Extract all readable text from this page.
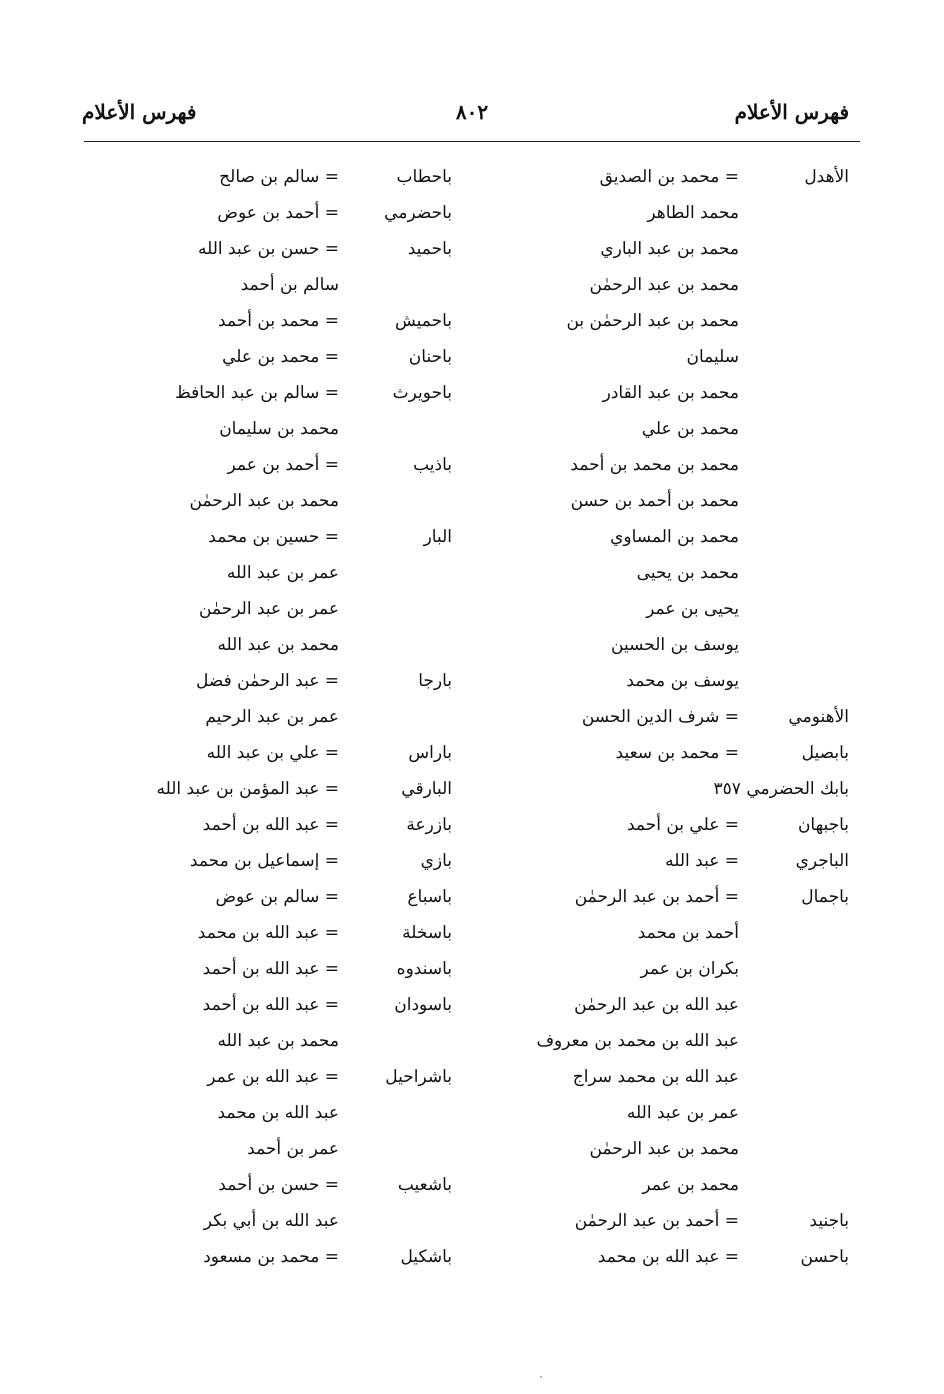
فهرس الأعلام
٨٠٢
فهرس الأعلام
الأهدل
= محمد بن الصديق
باحطاب
= سالم بن صالح
محمد الطاهر
باحضرمي
= أحمد بن عوض
محمد بن عبد الباري
باحميد
= حسن بن عبد الله
محمد بن عبد الرحمٰن
سالم بن أحمد
محمد بن عبد الرحمٰن بن
باحميش
= محمد بن أحمد
سليمان
باحنان
= محمد بن علي
محمد بن عبد القادر
باحويرث
= سالم بن عبد الحافظ
محمد بن علي
محمد بن سليمان
محمد بن محمد بن أحمد
باذيب
= أحمد بن عمر
محمد بن أحمد بن حسن
محمد بن عبد الرحمٰن
محمد بن المساوي
البار
= حسين بن محمد
محمد بن يحيى
عمر بن عبد الله
يحيى بن عمر
عمر بن عبد الرحمٰن
يوسف بن الحسين
محمد بن عبد الله
يوسف بن محمد
بارجا
= عبد الرحمٰن فضل
الأهنومي
= شرف الدين الحسن
عمر بن عبد الرحيم
بابصيل
= محمد بن سعيد
باراس
= علي بن عبد الله
بابك الحضرمي ٣٥٧
البارقي
= عبد المؤمن بن عبد الله
باجبهان
= علي بن أحمد
بازرعة
= عبد الله بن أحمد
الباجري
= عبد الله
بازي
= إسماعيل بن محمد
باجمال
= أحمد بن عبد الرحمٰن
باسباع
= سالم بن عوض
أحمد بن محمد
باسخلة
= عبد الله بن محمد
بكران بن عمر
باسندوه
= عبد الله بن أحمد
عبد الله بن عبد الرحمٰن
باسودان
= عبد الله بن أحمد
عبد الله بن محمد بن معروف
محمد بن عبد الله
عبد الله بن محمد سراج
باشراحيل
= عبد الله بن عمر
عمر بن عبد الله
عبد الله بن محمد
محمد بن عبد الرحمٰن
عمر بن أحمد
محمد بن عمر
باشعيب
= حسن بن أحمد
باجنيد
= أحمد بن عبد الرحمٰن
عبد الله بن أبي بكر
باحسن
= عبد الله بن محمد
باشكيل
= محمد بن مسعود
